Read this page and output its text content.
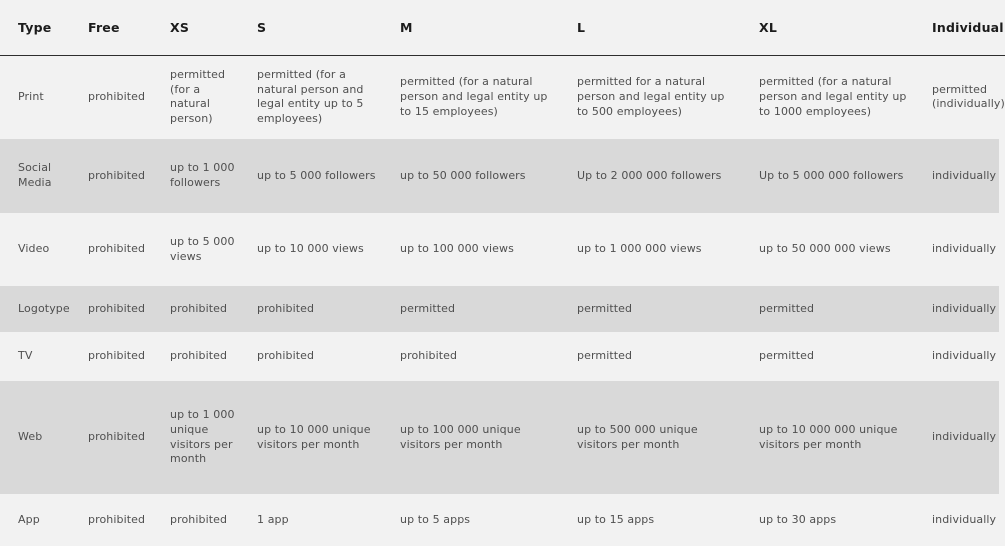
Type	Free	XS	S	M	L	XL	Individual
Print	prohibited	permitted (for a natural person)	permitted (for a natural person and legal entity up to 5 employees)	permitted (for a natural person and legal entity up to 15 employees)	permitted for a natural person and legal entity up to 500 employees)	permitted (for a natural person and legal entity up to 1000 employees)	permitted (individually)
Social Media	prohibited	up to 1 000 followers	up to 5 000 followers	up to 50 000 followers	Up to 2 000 000 followers	Up to 5 000 000 followers	individually
Video	prohibited	up to 5 000 views	up to 10 000 views	up to 100 000 views	up to 1 000 000 views	up to 50 000 000 views	individually
Logotype	prohibited	prohibited	prohibited	permitted	permitted	permitted	individually
TV	prohibited	prohibited	prohibited	prohibited	permitted	permitted	individually
Web	prohibited	up to 1 000 unique visitors per month	up to 10 000 unique visitors per month	up to 100 000 unique visitors per month	up to 500 000 unique visitors per month	up to 10 000 000 unique visitors per month	individually
App	prohibited	prohibited	1 app	up to 5 apps	up to 15 apps	up to 30 apps	individually
